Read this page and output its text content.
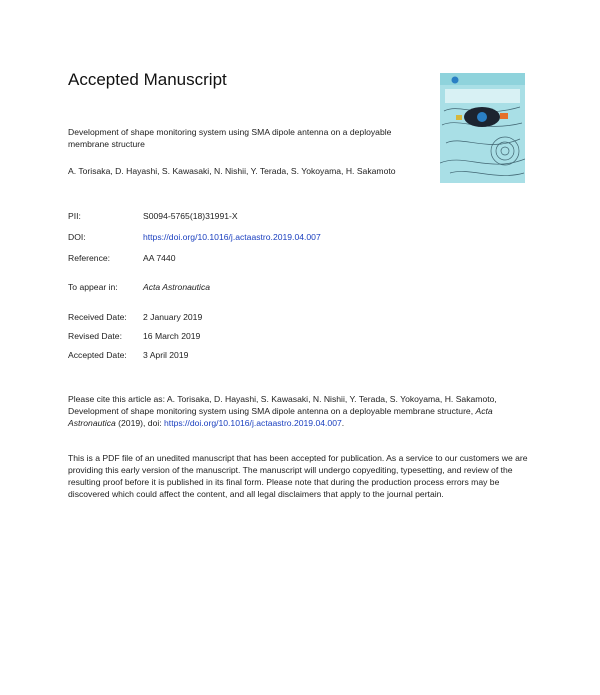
Accepted Manuscript
Development of shape monitoring system using SMA dipole antenna on a deployable membrane structure
A. Torisaka, D. Hayashi, S. Kawasaki, N. Nishii, Y. Terada, S. Yokoyama, H. Sakamoto
PII:	S0094-5765(18)31991-X
DOI:	https://doi.org/10.1016/j.actaastro.2019.04.007
Reference:	AA 7440
To appear in:	Acta Astronautica
Received Date: 2 January 2019
Revised Date: 16 March 2019
Accepted Date: 3 April 2019
Please cite this article as: A. Torisaka, D. Hayashi, S. Kawasaki, N. Nishii, Y. Terada, S. Yokoyama, H. Sakamoto, Development of shape monitoring system using SMA dipole antenna on a deployable membrane structure, Acta Astronautica (2019), doi: https://doi.org/10.1016/j.actaastro.2019.04.007.
This is a PDF file of an unedited manuscript that has been accepted for publication. As a service to our customers we are providing this early version of the manuscript. The manuscript will undergo copyediting, typesetting, and review of the resulting proof before it is published in its final form. Please note that during the production process errors may be discovered which could affect the content, and all legal disclaimers that apply to the journal pertain.
